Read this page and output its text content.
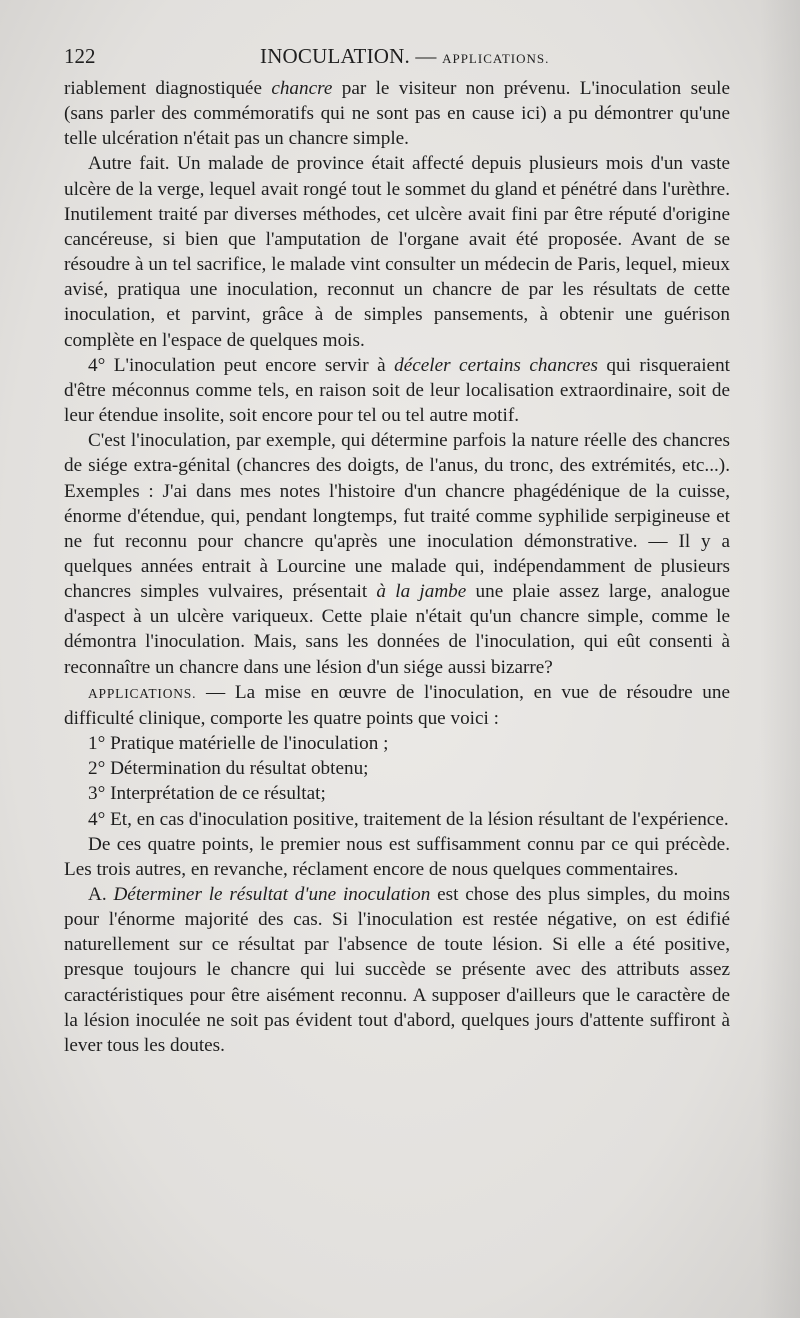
122	INOCULATION. — APPLICATIONS.

riablement diagnostiquée chancre par le visiteur non prévenu. L'inoculation seule (sans parler des commémoratifs qui ne sont pas en cause ici) a pu démontrer qu'une telle ulcération n'était pas un chancre simple.

Autre fait. Un malade de province était affecté depuis plusieurs mois d'un vaste ulcère de la verge, lequel avait rongé tout le sommet du gland et pénétré dans l'urèthre. Inutilement traité par diverses méthodes, cet ulcère avait fini par être réputé d'origine cancéreuse, si bien que l'amputation de l'organe avait été proposée. Avant de se résoudre à un tel sacrifice, le malade vint consulter un médecin de Paris, lequel, mieux avisé, pratiqua une inoculation, reconnut un chancre de par les résultats de cette inoculation, et parvint, grâce à de simples pansements, à obtenir une guérison complète en l'espace de quelques mois.

4° L'inoculation peut encore servir à déceler certains chancres qui risqueraient d'être méconnus comme tels, en raison soit de leur localisation extraordinaire, soit de leur étendue insolite, soit encore pour tel ou tel autre motif.

C'est l'inoculation, par exemple, qui détermine parfois la nature réelle des chancres de siége extra-génital (chancres des doigts, de l'anus, du tronc, des extrémités, etc...). Exemples : J'ai dans mes notes l'histoire d'un chancre phagédénique de la cuisse, énorme d'étendue, qui, pendant longtemps, fut traité comme syphilide serpigineuse et ne fut reconnu pour chancre qu'après une inoculation démonstrative. — Il y a quelques années entrait à Lourcine une malade qui, indépendamment de plusieurs chancres simples vulvaires, présentait à la jambe une plaie assez large, analogue d'aspect à un ulcère variqueux. Cette plaie n'était qu'un chancre simple, comme le démontra l'inoculation. Mais, sans les données de l'inoculation, qui eût consenti à reconnaître un chancre dans une lésion d'un siége aussi bizarre?

APPLICATIONS. — La mise en œuvre de l'inoculation, en vue de résoudre une difficulté clinique, comporte les quatre points que voici :

1° Pratique matérielle de l'inoculation ;

2° Détermination du résultat obtenu;

3° Interprétation de ce résultat;

4° Et, en cas d'inoculation positive, traitement de la lésion résultant de l'expérience.

De ces quatre points, le premier nous est suffisamment connu par ce qui précède. Les trois autres, en revanche, réclament encore de nous quelques commentaires.

A. Déterminer le résultat d'une inoculation est chose des plus simples, du moins pour l'énorme majorité des cas. Si l'inoculation est restée négative, on est édifié naturellement sur ce résultat par l'absence de toute lésion. Si elle a été positive, presque toujours le chancre qui lui succède se présente avec des attributs assez caractéristiques pour être aisément reconnu. A supposer d'ailleurs que le caractère de la lésion inoculée ne soit pas évident tout d'abord, quelques jours d'attente suffiront à lever tous les doutes.
